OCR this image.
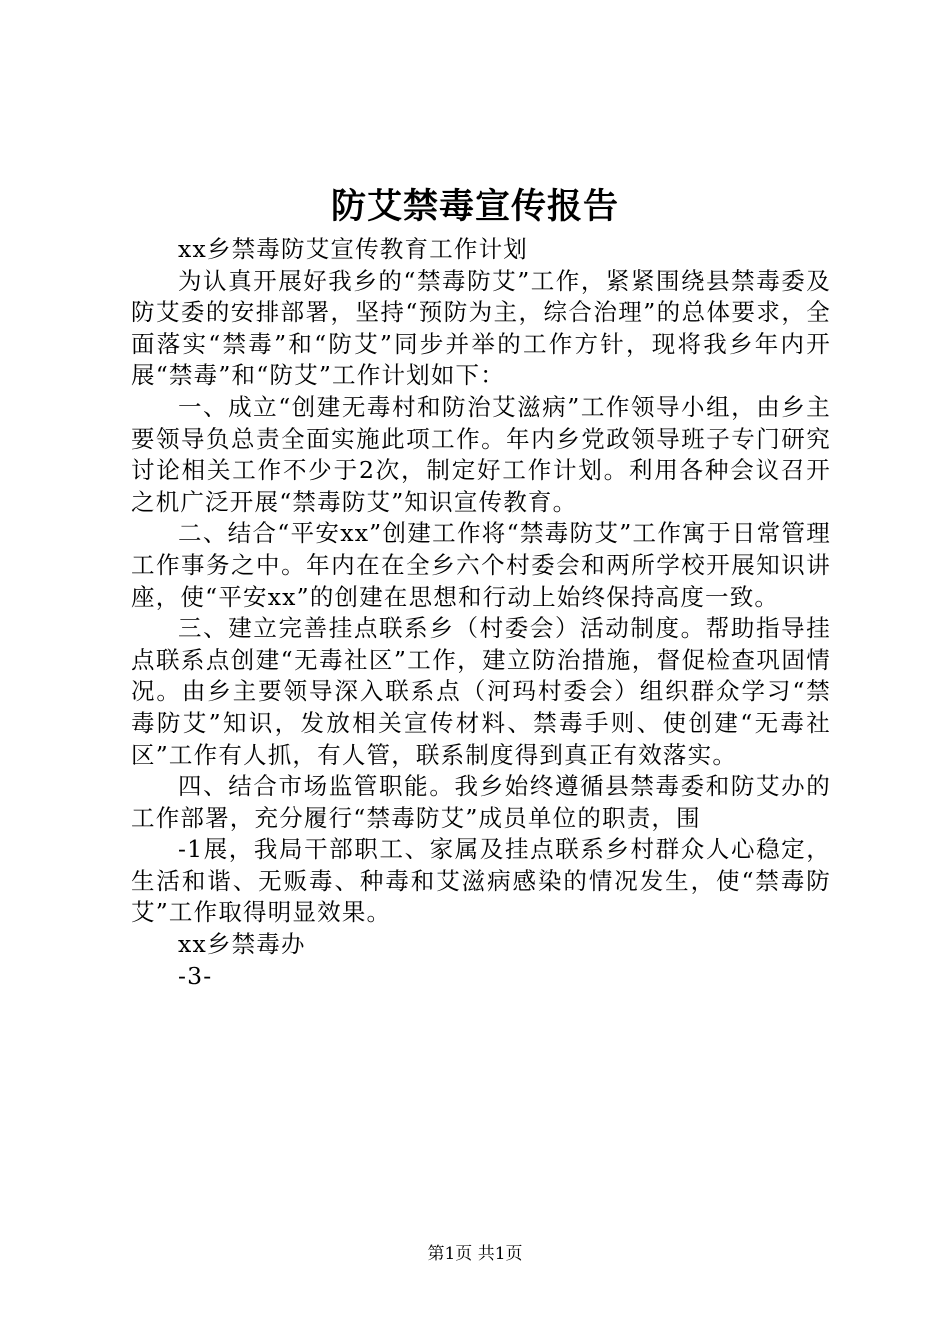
防艾禁毒宣传报告

xx乡禁毒防艾宣传教育工作计划

为认真开展好我乡的“禁毒防艾”工作，紧紧围绕县禁毒委及防艾委的安排部署，坚持“预防为主，综合治理”的总体要求，全面落实“禁毒”和“防艾”同步并举的工作方针，现将我乡年内开展“禁毒”和“防艾”工作计划如下：

一、成立“创建无毒村和防治艾滋病”工作领导小组，由乡主要领导负总责全面实施此项工作。年内乡党政领导班子专门研究讨论相关工作不少于2次，制定好工作计划。利用各种会议召开之机广泛开展“禁毒防艾”知识宣传教育。

二、结合“平安xx”创建工作将“禁毒防艾”工作寓于日常管理工作事务之中。年内在在全乡六个村委会和两所学校开展知识讲座，使“平安xx”的创建在思想和行动上始终保持高度一致。

三、建立完善挂点联系乡（村委会）活动制度。帮助指导挂点联系点创建“无毒社区”工作，建立防治措施，督促检查巩固情况。由乡主要领导深入联系点（河玛村委会）组织群众学习“禁毒防艾”知识，发放相关宣传材料、禁毒手则、使创建“无毒社区”工作有人抓，有人管，联系制度得到真正有效落实。

四、结合市场监管职能。我乡始终遵循县禁毒委和防艾办的工作部署，充分履行“禁毒防艾”成员单位的职责，围

-1展，我局干部职工、家属及挂点联系乡村群众人心稳定，生活和谐、无贩毒、种毒和艾滋病感染的情况发生，使“禁毒防艾”工作取得明显效果。

xx乡禁毒办

-3-

第1页 共1页
